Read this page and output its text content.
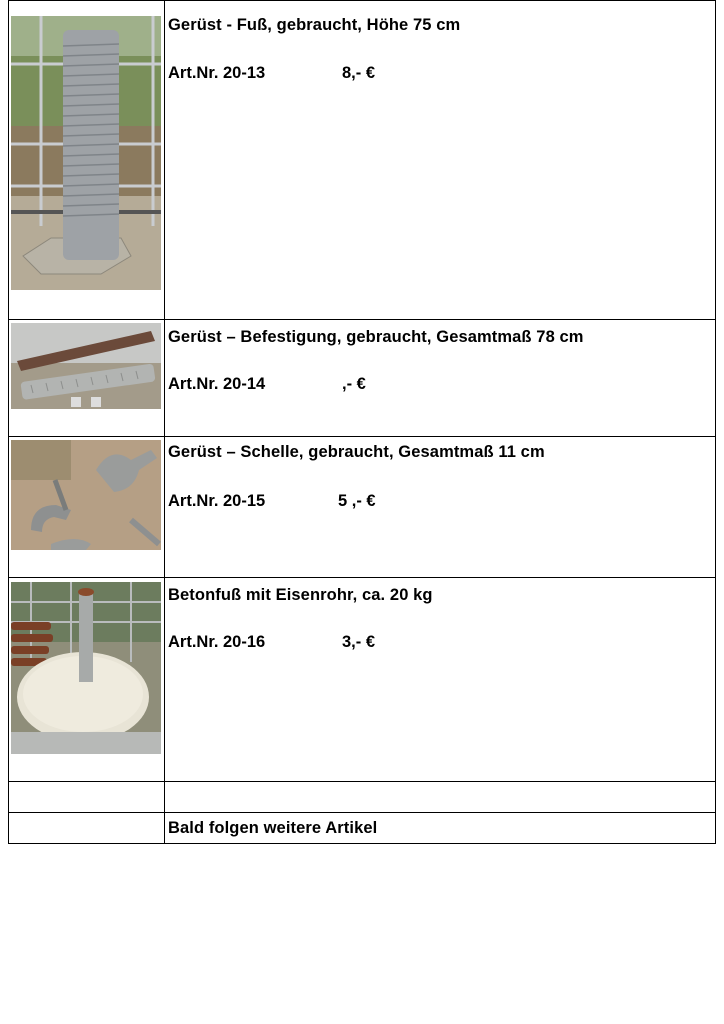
Gerüst - Fuß, gebraucht, Höhe 75 cm
Art.Nr. 20-13	8,- €
Gerüst – Befestigung, gebraucht, Gesamtmaß 78 cm
Art.Nr. 20-14	,- €
Gerüst – Schelle, gebraucht, Gesamtmaß 11 cm
Art.Nr. 20-15	5 ,- €
Betonfuß mit Eisenrohr, ca. 20 kg
Art.Nr. 20-16	3,- €
Bald folgen weitere Artikel
